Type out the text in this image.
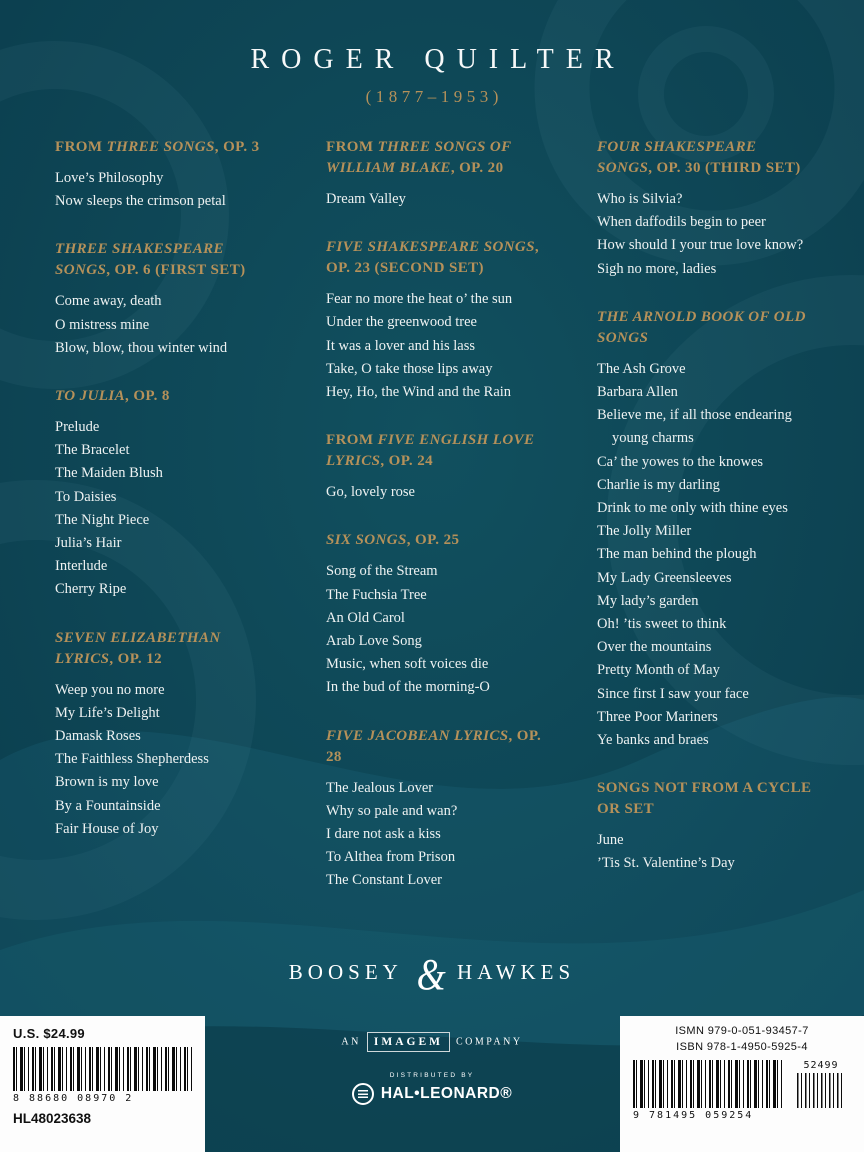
ROGER QUILTER
(1877–1953)
FROM THREE SONGS, OP. 3
Love’s Philosophy
Now sleeps the crimson petal
THREE SHAKESPEARE SONGS, OP. 6 (FIRST SET)
Come away, death
O mistress mine
Blow, blow, thou winter wind
TO JULIA, OP. 8
Prelude
The Bracelet
The Maiden Blush
To Daisies
The Night Piece
Julia’s Hair
Interlude
Cherry Ripe
SEVEN ELIZABETHAN LYRICS, OP. 12
Weep you no more
My Life’s Delight
Damask Roses
The Faithless Shepherdess
Brown is my love
By a Fountainside
Fair House of Joy
FROM THREE SONGS OF WILLIAM BLAKE, OP. 20
Dream Valley
FIVE SHAKESPEARE SONGS, OP. 23 (SECOND SET)
Fear no more the heat o’ the sun
Under the greenwood tree
It was a lover and his lass
Take, O take those lips away
Hey, Ho, the Wind and the Rain
FROM FIVE ENGLISH LOVE LYRICS, OP. 24
Go, lovely rose
SIX SONGS, OP. 25
Song of the Stream
The Fuchsia Tree
An Old Carol
Arab Love Song
Music, when soft voices die
In the bud of the morning-O
FIVE JACOBEAN LYRICS, OP. 28
The Jealous Lover
Why so pale and wan?
I dare not ask a kiss
To Althea from Prison
The Constant Lover
FOUR SHAKESPEARE SONGS, OP. 30 (THIRD SET)
Who is Silvia?
When daffodils begin to peer
How should I your true love know?
Sigh no more, ladies
THE ARNOLD BOOK OF OLD SONGS
The Ash Grove
Barbara Allen
Believe me, if all those endearing young charms
Ca’ the yowes to the knowes
Charlie is my darling
Drink to me only with thine eyes
The Jolly Miller
The man behind the plough
My Lady Greensleeves
My lady’s garden
Oh! ’tis sweet to think
Over the mountains
Pretty Month of May
Since first I saw your face
Three Poor Mariners
Ye banks and braes
SONGS NOT FROM A CYCLE OR SET
June
’Tis St. Valentine’s Day
BOOSEY & HAWKES
AN IMAGEM COMPANY
DISTRIBUTED BY
HAL•LEONARD®
U.S. $24.99
8 88680 08970 2
HL48023638
ISMN 979-0-051-93457-7
ISBN 978-1-4950-5925-4
9 781495 059254
52499
